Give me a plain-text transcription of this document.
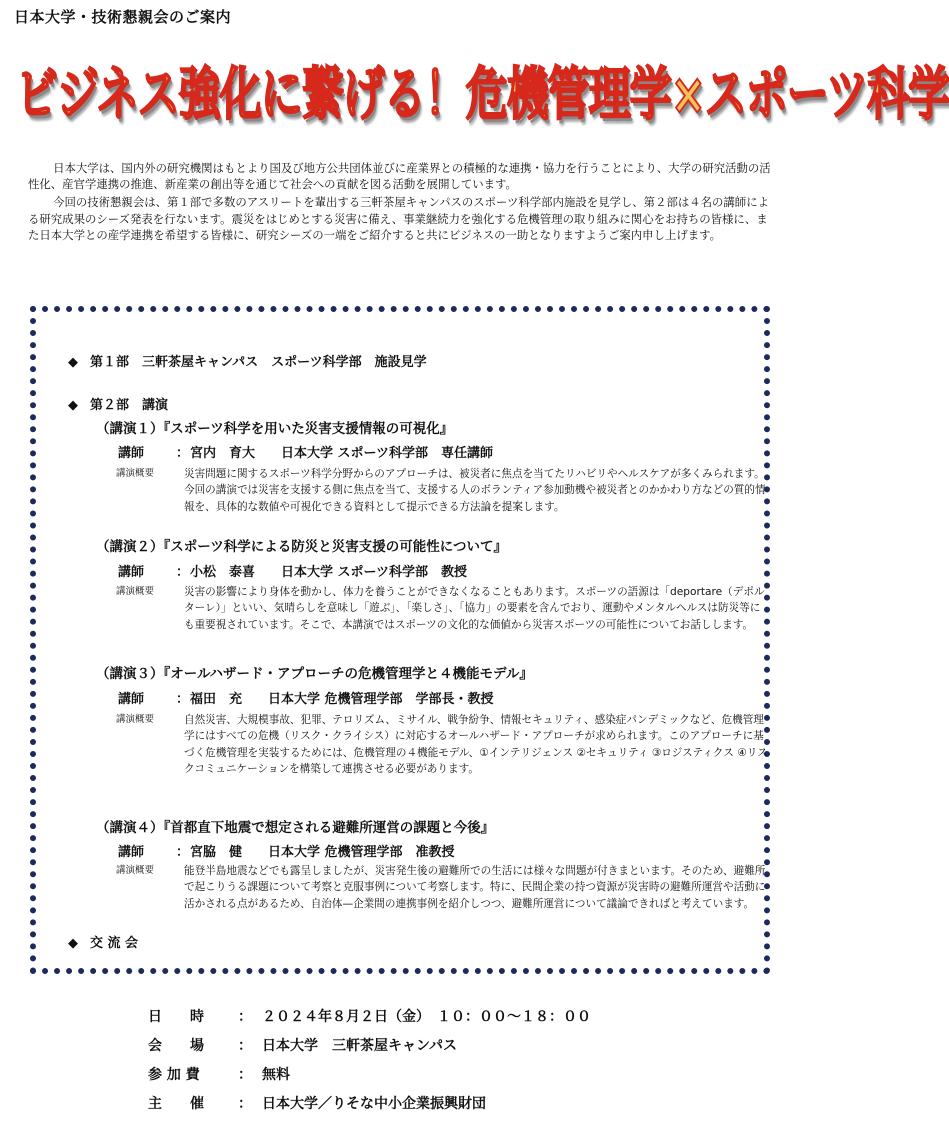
日本大学・技術懇親会のご案内
ビジネス強化に繋げる！危機管理学×スポーツ科学

日本大学は、国内外の研究機関はもとより国及び地方公共団体並びに産業界との積極的な連携・協力を行うことにより、大学の研究活動の活性化、産官学連携の推進、新産業の創出等を通じて社会への貢献を図る活動を展開しています。

今回の技術懇親会は、第１部で多数のアスリートを輩出する三軒茶屋キャンパスのスポーツ科学部内施設を見学し、第２部は４名の講師による研究成果のシーズ発表を行ないます。震災をはじめとする災害に備え、事業継続力を強化する危機管理の取り組みに関心をお持ちの皆様に、また日本大学との産学連携を希望する皆様に、研究シーズの一端をご紹介すると共にビジネスの一助となりますようご案内申し上げます。

◆ 第１部　三軒茶屋キャンパス　スポーツ科学部　施設見学
◆ 第２部　講演
（講演１）『スポーツ科学を用いた災害支援情報の可視化』
講師 ：宮内　育大　　日本大学 スポーツ科学部　専任講師
講演概要	災害問題に関するスポーツ科学分野からのアプローチは、被災者に焦点を当てたリハビリやヘルスケアが多くみられます。今回の講演では災害を支援する側に焦点を当て、支援する人のボランティア参加動機や被災者とのかかわり方などの質的情報を、具体的な数値や可視化できる資料として提示できる方法論を提案します。
（講演２）『スポーツ科学による防災と災害支援の可能性について』
講師 ：小松　泰喜　　日本大学 スポーツ科学部　教授
講演概要	災害の影響により身体を動かし、体力を養うことができなくなることもあります。スポーツの語源は「deportare（デポルターレ）」といい、気晴らしを意味し「遊ぶ」、「楽しさ」、「協力」の要素を含んでおり、運動やメンタルヘルスは防災等にも重要視されています。そこで、本講演ではスポーツの文化的な価値から災害スポーツの可能性についてお話しします。
（講演３）『オールハザード・アプローチの危機管理学と４機能モデル』
講師 ：福田　充　　日本大学 危機管理学部　学部長・教授
講演概要	自然災害、大規模事故、犯罪、テロリズム、ミサイル、戦争紛争、情報セキュリティ、感染症パンデミックなど、危機管理学にはすべての危機（リスク・クライシス）に対応するオールハザード・アプローチが求められます。このアプローチに基づく危機管理を実装するためには、危機管理の４機能モデル、①インテリジェンス ②セキュリティ ③ロジスティクス ④リスクコミュニケーションを構築して連携させる必要があります。
（講演４）『首都直下地震で想定される避難所運営の課題と今後』
講師 ：宮脇　健　　日本大学 危機管理学部　准教授
講演概要	能登半島地震などでも露呈しましたが、災害発生後の避難所での生活には様々な問題が付きまといます。そのため、避難所で起こりうる課題について考察と克服事例について考察します。特に、民間企業の持つ資源が災害時の避難所運営や活動に活かされる点があるため、自治体—企業間の連携事例を紹介しつつ、避難所運営について議論できればと考えています。
◆ 交 流 会
日　　時 ： ２０２４年８月２日（金）　１０：００〜１８：００
会　　場 ： 日本大学　三軒茶屋キャンパス
参 加 費	： 無料
主　　催 ： 日本大学／りそな中小企業振興財団
